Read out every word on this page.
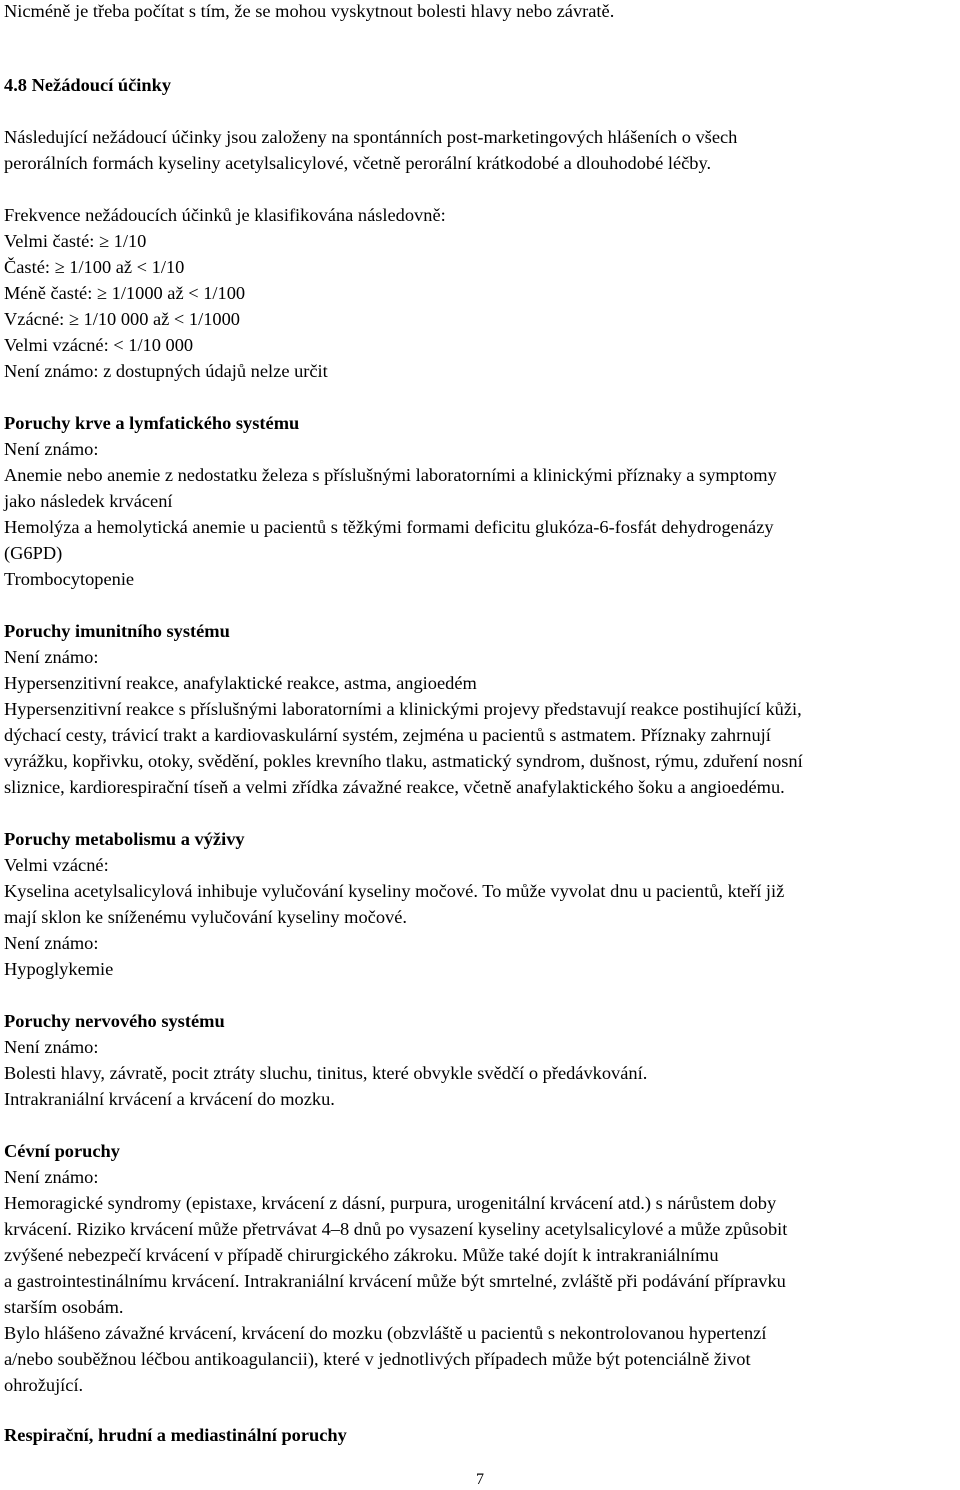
Nicméně je třeba počítat s tím, že se mohou vyskytnout bolesti hlavy nebo závratě.
4.8 Nežádoucí účinky
Následující nežádoucí účinky jsou založeny na spontánních post-marketingových hlášeních o všech
perorálních formách kyseliny acetylsalicylové, včetně perorální krátkodobé a dlouhodobé léčby.
Frekvence nežádoucích účinků je klasifikována následovně:
Velmi časté: ≥ 1/10
Časté: ≥ 1/100 až < 1/10
Méně časté: ≥ 1/1000 až < 1/100
Vzácné: ≥ 1/10 000 až < 1/1000
Velmi vzácné: < 1/10 000
Není známo: z dostupných údajů nelze určit
Poruchy krve a lymfatického systému
Není známo:
Anemie nebo anemie z nedostatku železa s příslušnými laboratorními a klinickými příznaky a symptomy
jako následek krvácení
Hemolýza a hemolytická anemie u pacientů s těžkými formami deficitu glukóza-6-fosfát dehydrogenázy
(G6PD)
Trombocytopenie
Poruchy imunitního systému
Není známo:
Hypersenzitivní reakce, anafylaktické reakce, astma, angioedém
Hypersenzitivní reakce s příslušnými laboratorními a klinickými projevy představují reakce postihující kůži,
dýchací cesty, trávicí trakt a kardiovaskulární systém, zejména u pacientů s astmatem. Příznaky zahrnují
vyrážku, kopřivku, otoky, svědění, pokles krevního tlaku, astmatický syndrom, dušnost, rýmu, zduření nosní
sliznice, kardiorespirační tíseň a velmi zřídka závažné reakce, včetně anafylaktického šoku a angioedému.
Poruchy metabolismu a výživy
Velmi vzácné:
Kyselina acetylsalicylová inhibuje vylučování kyseliny močové. To může vyvolat dnu u pacientů, kteří již
mají sklon ke sníženému vylučování kyseliny močové.
Není známo:
Hypoglykemie
Poruchy nervového systému
Není známo:
Bolesti hlavy, závratě, pocit ztráty sluchu, tinitus, které obvykle svědčí o předávkování.
Intrakraniální krvácení a krvácení do mozku.
Cévní poruchy
Není známo:
Hemoragické syndromy (epistaxe, krvácení z dásní, purpura, urogenitální krvácení atd.) s nárůstem doby
krvácení. Riziko krvácení může přetrvávat 4–8 dnů po vysazení kyseliny acetylsalicylové a může způsobit
zvýšené nebezpečí krvácení v případě chirurgického zákroku. Může také dojít k intrakraniálnímu
a gastrointestinálnímu krvácení. Intrakraniální krvácení může být smrtelné, zvláště při podávání přípravku
starším osobám.
Bylo hlášeno závažné krvácení, krvácení do mozku (obzvláště u pacientů s nekontrolovanou hypertenzí
a/nebo souběžnou léčbou antikoagulancii), které v jednotlivých případech může být potenciálně život
ohrožující.
Respirační, hrudní a mediastinální poruchy
7
